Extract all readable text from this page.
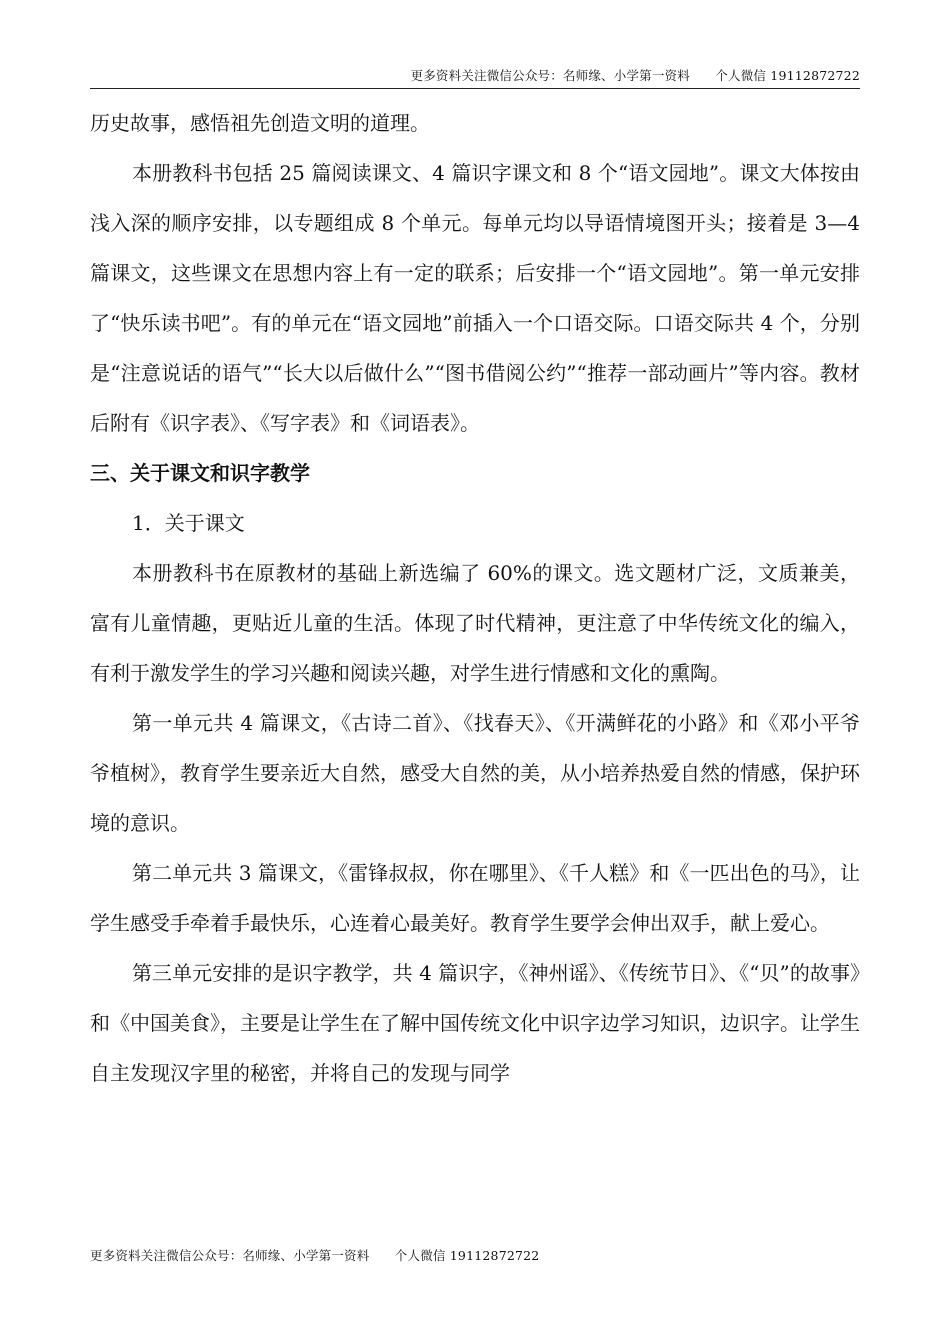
更多资料关注微信公众号：名师缘、小学第一资料　　个人微信 19112872722

历史故事，感悟祖先创造文明的道理。

本册教科书包括 25 篇阅读课文、4 篇识字课文和 8 个“语文园地”。课文大体按由浅入深的顺序安排，以专题组成 8 个单元。每单元均以导语情境图开头；接着是 3—4 篇课文，这些课文在思想内容上有一定的联系；后安排一个“语文园地”。第一单元安排了“快乐读书吧”。有的单元在“语文园地”前插入一个口语交际。口语交际共 4 个，分别是“注意说话的语气”“长大以后做什么”“图书借阅公约”“推荐一部动画片”等内容。教材后附有《识字表》、《写字表》和《词语表》。

三、关于课文和识字教学

1．关于课文

本册教科书在原教材的基础上新选编了 60%的课文。选文题材广泛，文质兼美，富有儿童情趣，更贴近儿童的生活。体现了时代精神，更注意了中华传统文化的编入，有利于激发学生的学习兴趣和阅读兴趣，对学生进行情感和文化的熏陶。

第一单元共 4 篇课文，《古诗二首》、《找春天》、《开满鲜花的小路》和《邓小平爷爷植树》，教育学生要亲近大自然，感受大自然的美，从小培养热爱自然的情感，保护环境的意识。

第二单元共 3 篇课文，《雷锋叔叔，你在哪里》、《千人糕》和《一匹出色的马》，让学生感受手牵着手最快乐，心连着心最美好。教育学生要学会伸出双手，献上爱心。

第三单元安排的是识字教学，共 4 篇识字，《神州谣》、《传统节日》、《“贝”的故事》和《中国美食》，主要是让学生在了解中国传统文化中识字边学习知识，边识字。让学生自主发现汉字里的秘密，并将自己的发现与同学

更多资料关注微信公众号：名师缘、小学第一资料　　个人微信 19112872722
